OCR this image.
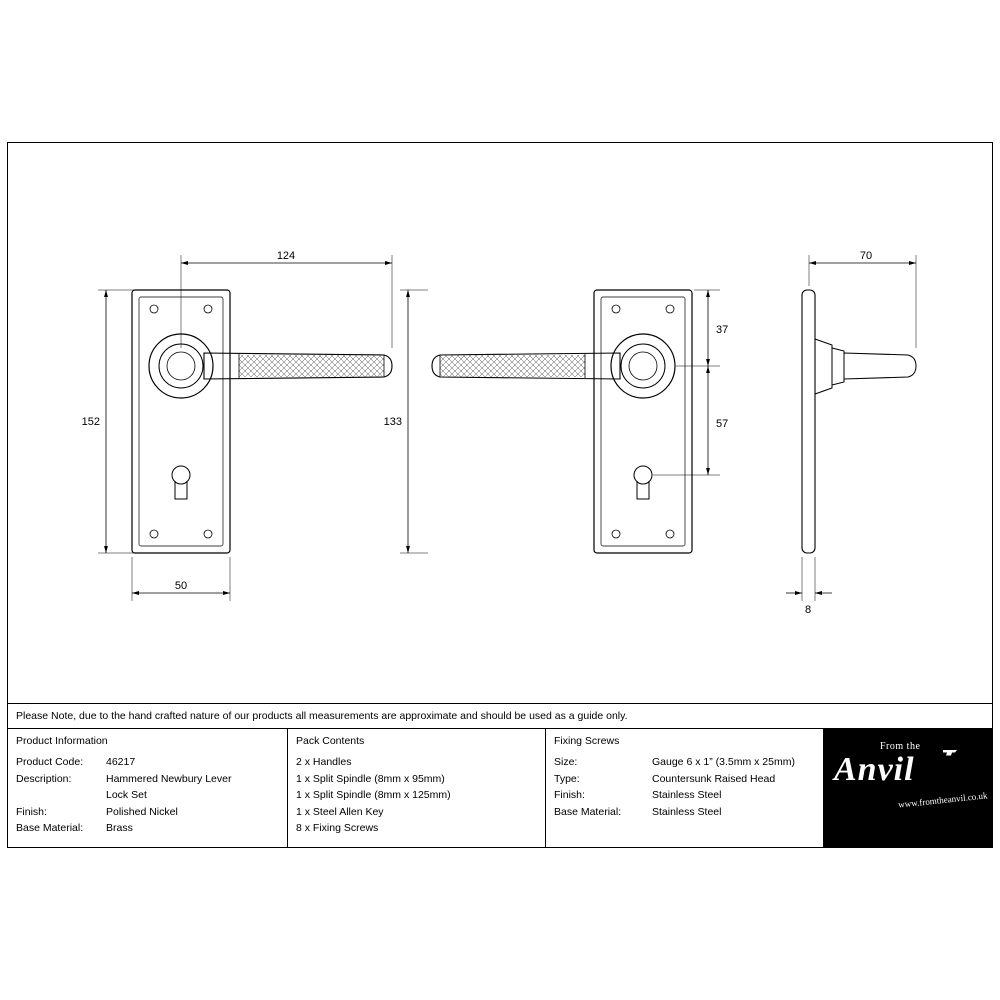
124
152
50
133
37
57
70
8
Please Note, due to the hand crafted nature of our products all measurements are approximate and should be used as a guide only.
Product Information
Product Code:	46217
Description:	Hammered Newbury Lever
Lock Set
Finish:	Polished Nickel
Base Material:	Brass
Pack Contents
2 x Handles
1 x Split Spindle (8mm x 95mm)
1 x Split Spindle (8mm x 125mm)
1 x Steel Allen Key
8 x Fixing Screws
Fixing Screws
Size:	Gauge 6 x 1” (3.5mm x 25mm)
Type:	Countersunk Raised Head
Finish:	Stainless Steel
Base Material:	Stainless Steel
From the
Anvil
www.fromtheanvil.co.uk
